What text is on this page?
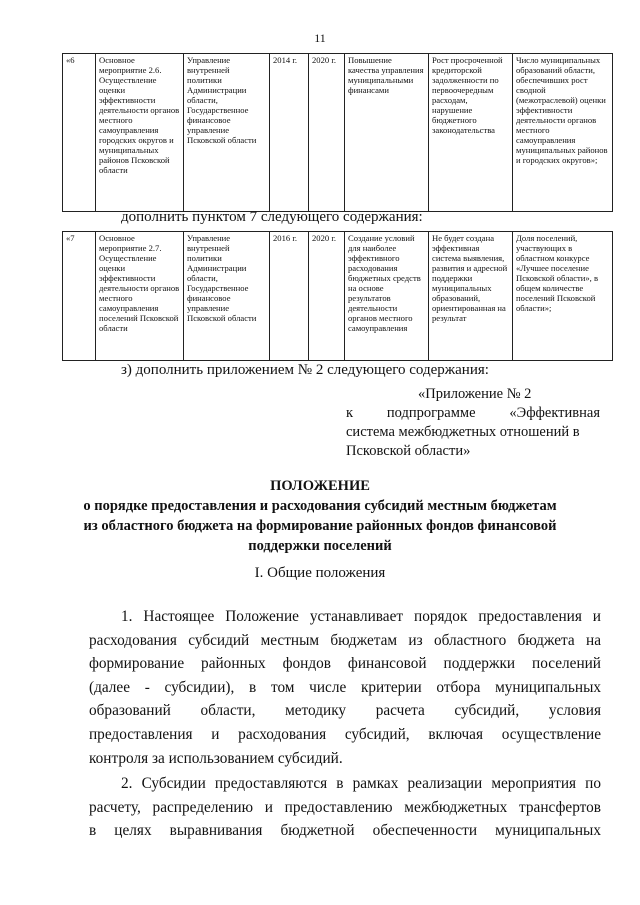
11
«6	Основное мероприятие 2.6. Осуществление оценки эффективности деятельности органов местного самоуправления городских округов и муниципальных районов Псковской области	Управление внутренней политики Администрации области, Государственное финансовое управление Псковской области	2014 г.	2020 г.	Повышение качества управления муниципальными финансами	Рост просроченной кредиторской задолженности по первоочередным расходам, нарушение бюджетного законодательства	Число муниципальных образований области, обеспечивших рост сводной (межотраслевой) оценки эффективности деятельности органов местного самоуправления муниципальных районов и городских округов»;
дополнить пунктом 7 следующего содержания:
«7	Основное мероприятие 2.7. Осуществление оценки эффективности деятельности органов местного самоуправления поселений Псковской области	Управление внутренней политики Администрации области, Государственное финансовое управление Псковской области	2016 г.	2020 г.	Создание условий для наиболее эффективного расходования бюджетных средств на основе результатов деятельности органов местного самоуправления	Не будет создана эффективная система выявления, развития и адресной поддержки муниципальных образований, ориентированная на результат	Доля поселений, участвующих в областном конкурсе «Лучшее поселение Псковской области», в общем количестве поселений Псковской области»;
з) дополнить приложением № 2 следующего содержания:
«Приложение № 2
к подпрограмме «Эффективная
система межбюджетных отношений в
Псковской области»
ПОЛОЖЕНИЕ
о порядке предоставления и расходования субсидий местным бюджетам
из областного бюджета на формирование районных фондов финансовой
поддержки поселений
I. Общие положения
1. Настоящее Положение устанавливает порядок предоставления и
расходования субсидий местным бюджетам из областного бюджета на
формирование районных фондов финансовой поддержки поселений
(далее - субсидии), в том числе критерии отбора муниципальных
образований области, методику расчета субсидий, условия
предоставления и расходования субсидий, включая осуществление
контроля за использованием субсидий.
2. Субсидии предоставляются в рамках реализации мероприятия по
расчету, распределению и предоставлению межбюджетных трансфертов
в целях выравнивания бюджетной обеспеченности муниципальных
